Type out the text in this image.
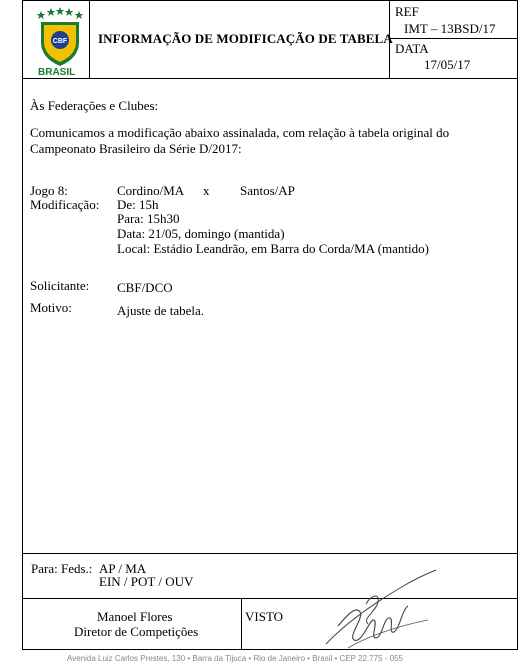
CBF
BRASIL
INFORMAÇÃO DE MODIFICAÇÃO DE TABELA
REF
IMT – 13BSD/17
DATA
17/05/17
Às Federações e Clubes:
Comunicamos a modificação abaixo assinalada, com relação à tabela original do Campeonato Brasileiro da Série D/2017:
Jogo 8:	Cordino/MA x Santos/AP
Modificação: De: 15h
Para: 15h30
Data: 21/05, domingo (mantida)
Local: Estádio Leandrão, em Barra do Corda/MA (mantido)
Solicitante: CBF/DCO
Motivo:	Ajuste de tabela.
Para: Feds.: AP / MA
EIN / POT / OUV
Manoel Flores
Diretor de Competições
VISTO
Avenida Luiz Carlos Prestes, 130 • Barra da Tijuca • Rio de Janeiro • Brasil • CEP 22.775 - 055
